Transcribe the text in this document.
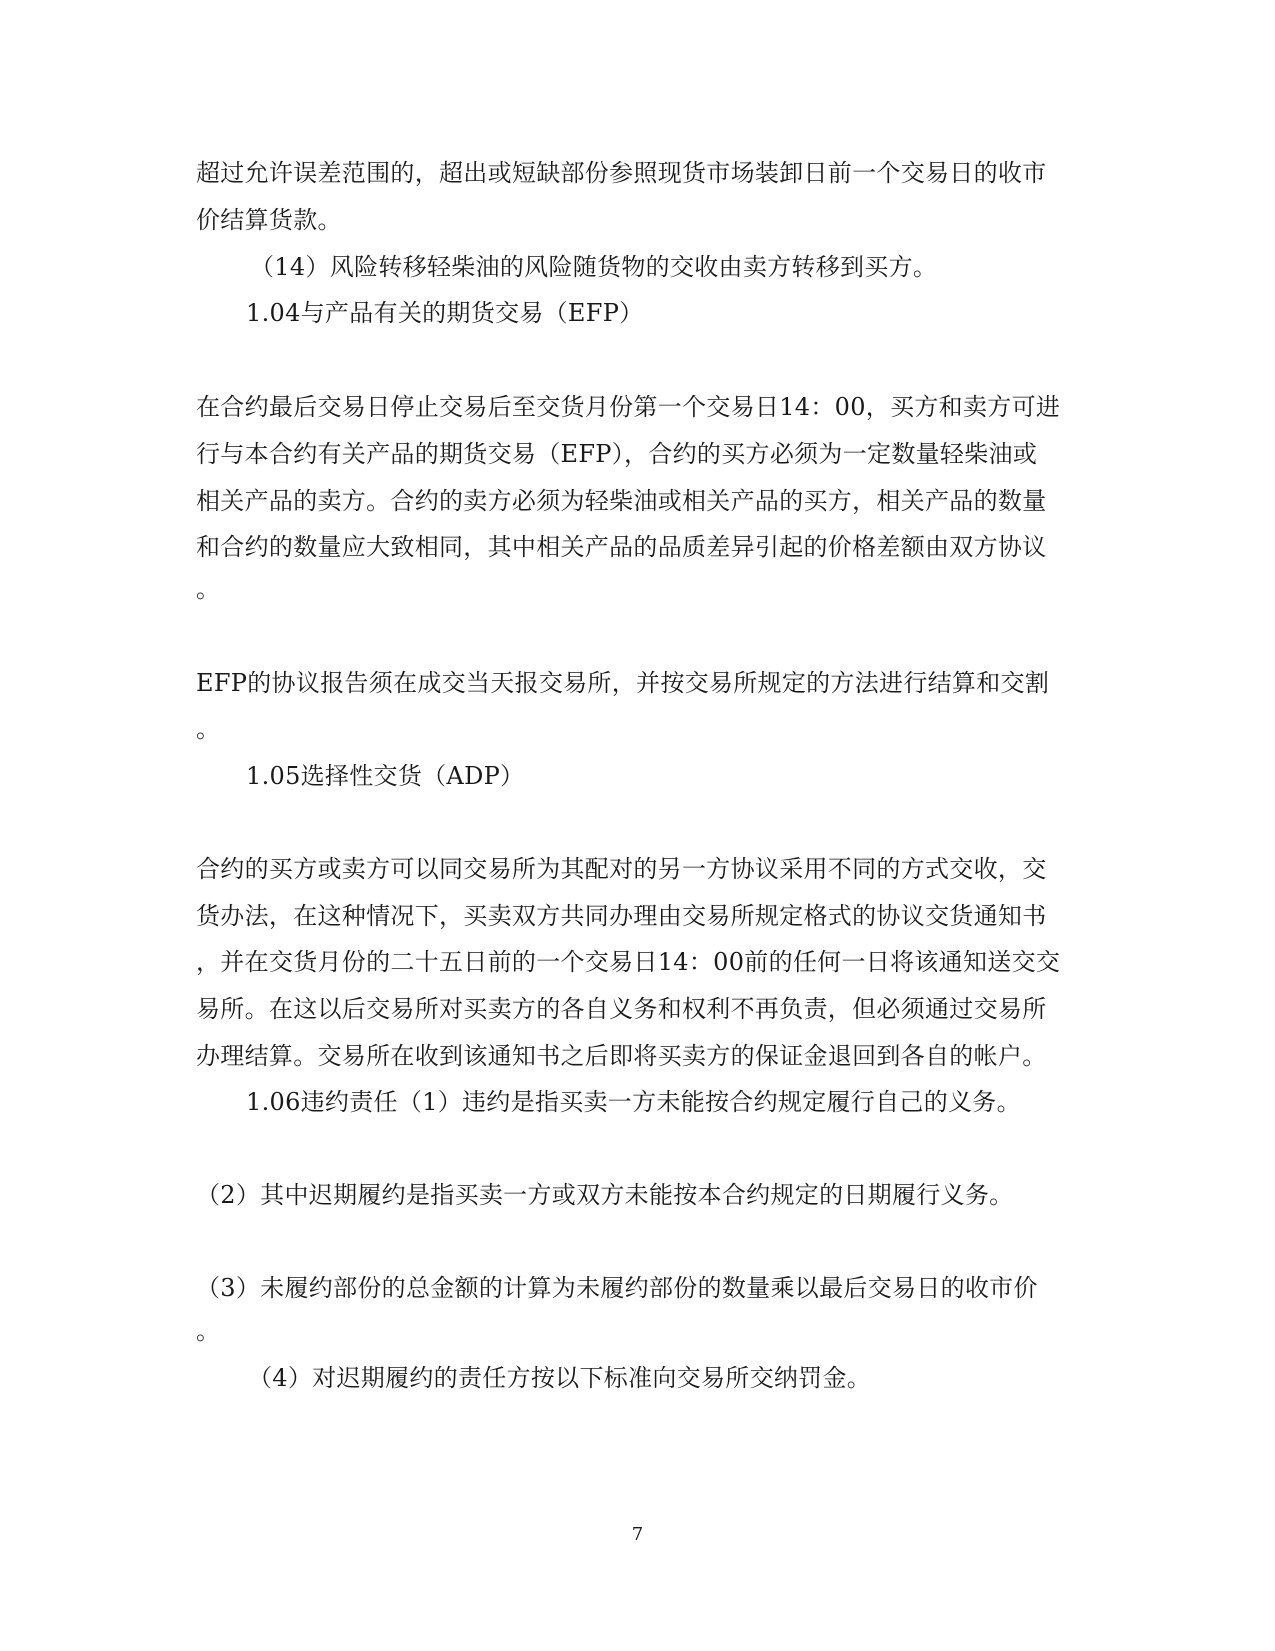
超过允许误差范围的，超出或短缺部份参照现货市场装卸日前一个交易日的收市
价结算货款。
（14）风险转移轻柴油的风险随货物的交收由卖方转移到买方。
1.04与产品有关的期货交易（EFP）
在合约最后交易日停止交易后至交货月份第一个交易日14：00，买方和卖方可进
行与本合约有关产品的期货交易（EFP），合约的买方必须为一定数量轻柴油或
相关产品的卖方。合约的卖方必须为轻柴油或相关产品的买方，相关产品的数量
和合约的数量应大致相同，其中相关产品的品质差异引起的价格差额由双方协议
。
EFP的协议报告须在成交当天报交易所，并按交易所规定的方法进行结算和交割
。
1.05选择性交货（ADP）
合约的买方或卖方可以同交易所为其配对的另一方协议采用不同的方式交收，交
货办法，在这种情况下，买卖双方共同办理由交易所规定格式的协议交货通知书
，并在交货月份的二十五日前的一个交易日14：00前的任何一日将该通知送交交
易所。在这以后交易所对买卖方的各自义务和权利不再负责，但必须通过交易所
办理结算。交易所在收到该通知书之后即将买卖方的保证金退回到各自的帐户。
1.06违约责任（1）违约是指买卖一方未能按合约规定履行自己的义务。
（2）其中迟期履约是指买卖一方或双方未能按本合约规定的日期履行义务。
（3）未履约部份的总金额的计算为未履约部份的数量乘以最后交易日的收市价
。
（4）对迟期履约的责任方按以下标准向交易所交纳罚金。
7
